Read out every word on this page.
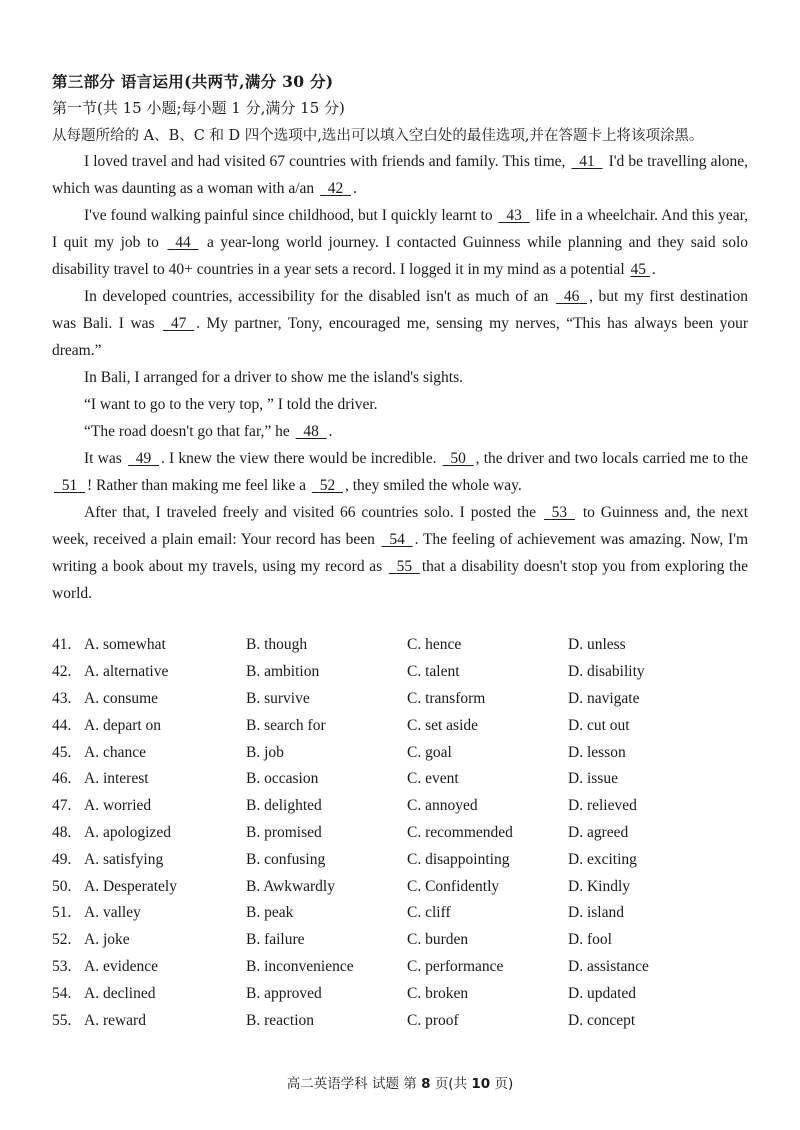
第三部分 语言运用(共两节,满分 30 分)
第一节(共 15 小题;每小题 1 分,满分 15 分)
从每题所给的 A、B、C 和 D 四个选项中,选出可以填入空白处的最佳选项,并在答题卡上将该项涂黑。

I loved travel and had visited 67 countries with friends and family. This time, 41 I'd be travelling alone, which was daunting as a woman with a/an 42 .

I've found walking painful since childhood, but I quickly learnt to 43 life in a wheelchair. And this year, I quit my job to 44 a year-long world journey. I contacted Guinness while planning and they said solo disability travel to 40+ countries in a year sets a record. I logged it in my mind as a potential 45 .

In developed countries, accessibility for the disabled isn't as much of an 46 , but my first destination was Bali. I was 47 . My partner, Tony, encouraged me, sensing my nerves, “This has always been your dream.”

In Bali, I arranged for a driver to show me the island's sights.

“I want to go to the very top, ” I told the driver.

“The road doesn't go that far,” he 48 .

It was 49 . I knew the view there would be incredible. 50 , the driver and two locals carried me to the   51 ! Rather than making me feel like a 52 , they smiled the whole way.

After that, I traveled freely and visited 66 countries solo. I posted the 53 to Guinness and, the next week, received a plain email: Your record has been 54 . The feeling of achievement was amazing. Now, I'm writing a book about my travels, using my record as 55 that a disability doesn't stop you from exploring the world.

41. A. somewhat	B. though	C. hence	D. unless
42. A. alternative	B. ambition	C. talent	D. disability
43. A. consume	B. survive	C. transform	D. navigate
44. A. depart on	B. search for	C. set aside	D. cut out
45. A. chance	B. job	C. goal	D. lesson
46. A. interest	B. occasion	C. event	D. issue
47. A. worried	B. delighted	C. annoyed	D. relieved
48. A. apologized	B. promised	C. recommended	D. agreed
49. A. satisfying	B. confusing	C. disappointing	D. exciting
50. A. Desperately	B. Awkwardly	C. Confidently	D. Kindly
51. A. valley	B. peak	C. cliff	D. island
52. A. joke	B. failure	C. burden	D. fool
53. A. evidence	B. inconvenience	C. performance	D. assistance
54. A. declined	B. approved	C. broken	D. updated
55. A. reward	B. reaction	C. proof	D. concept
高二英语学科 试题 第 8 页(共 10 页)
